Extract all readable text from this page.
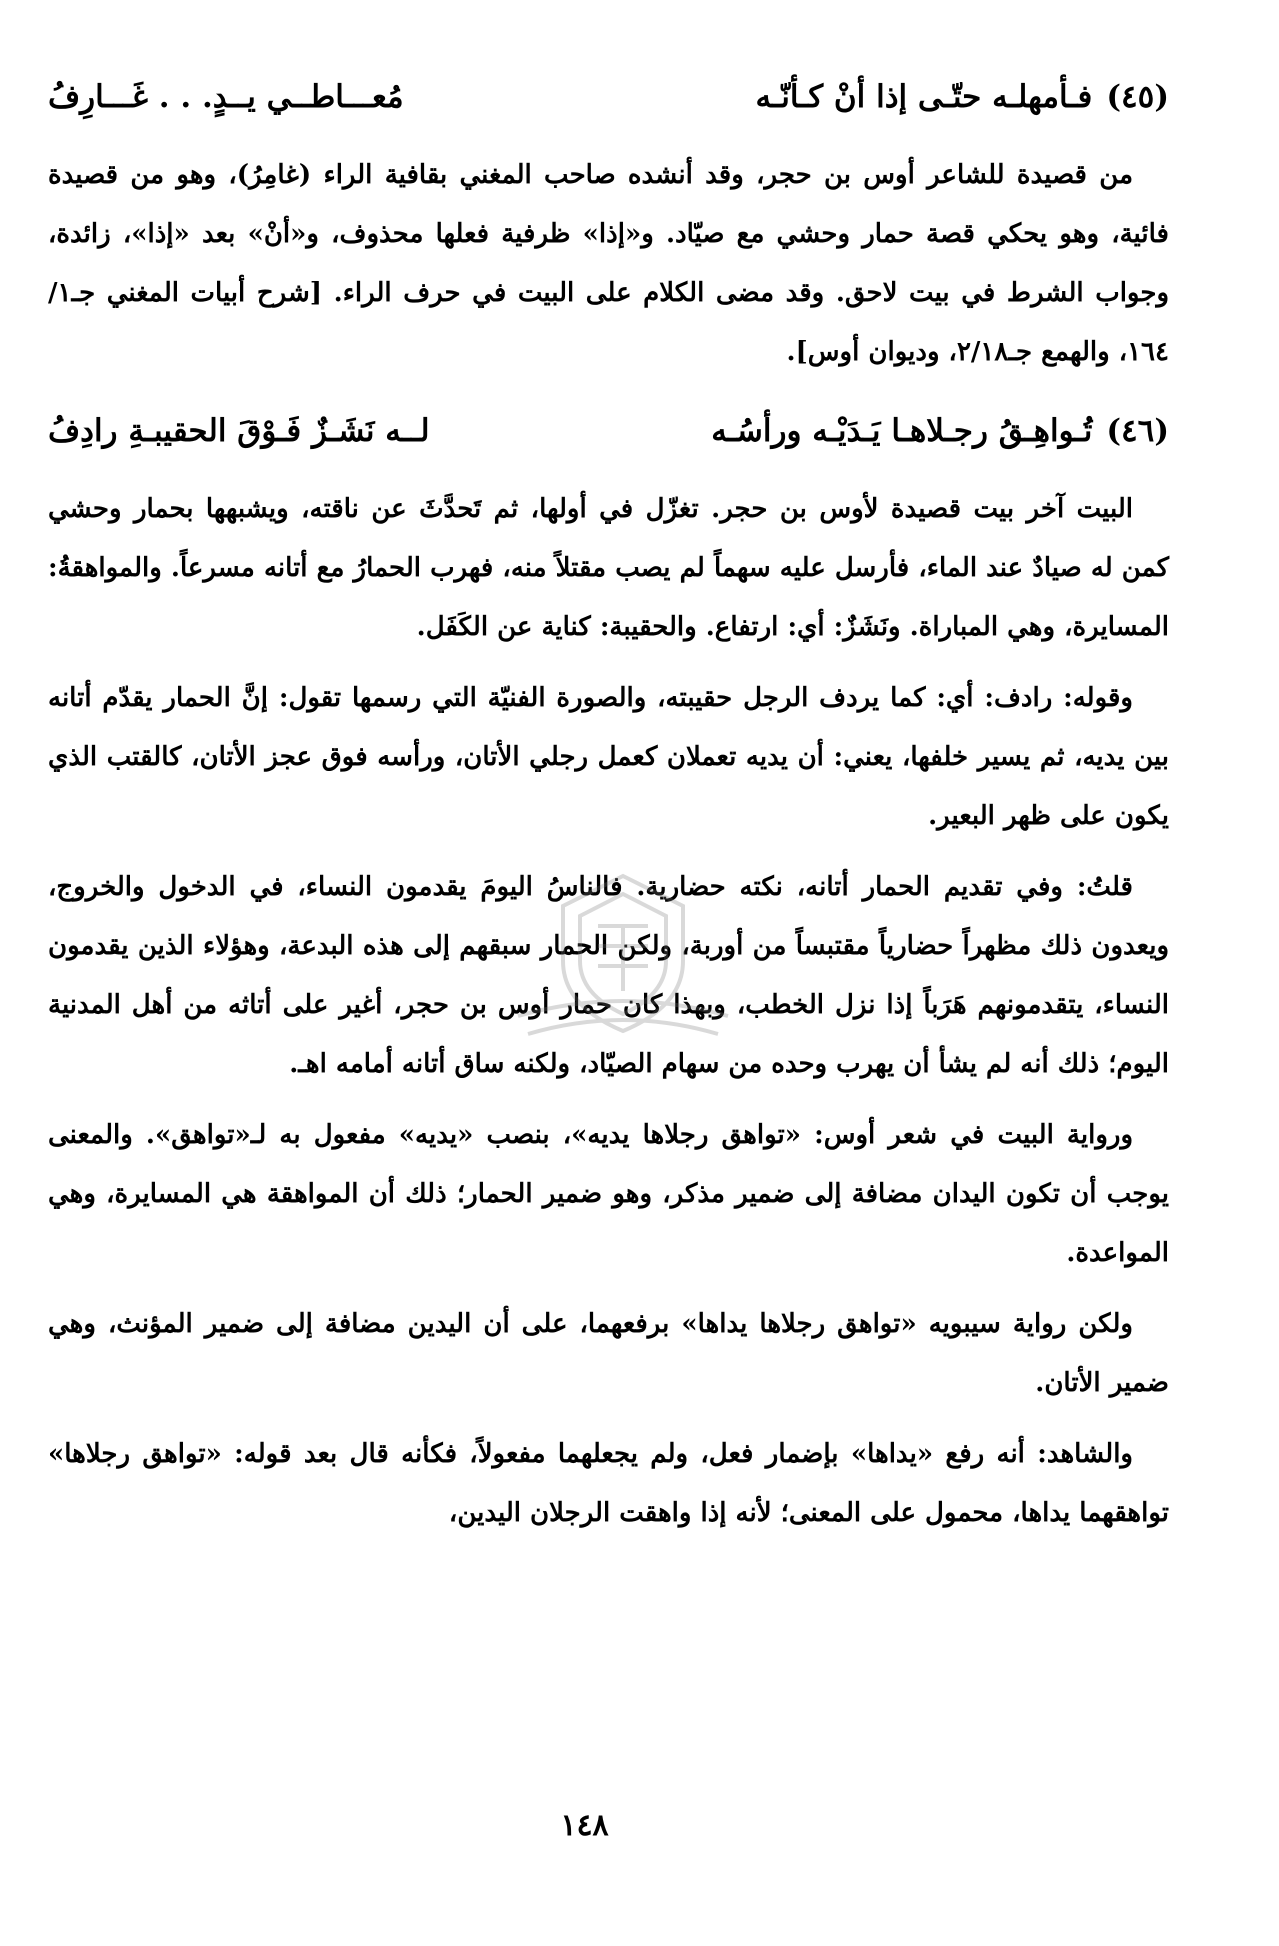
(٤٥)
فـأمهلـه حتّـى إذا أنْ كـأنّـه
مُعـــاطــي يــدٍ. . . غَـــارِفُ

من قصيدة للشاعر أوس بن حجر، وقد أنشده صاحب المغني بقافية الراء (غامِرُ)، وهو من قصيدة فائية، وهو يحكي قصة حمار وحشي مع صيّاد. و«إذا» ظرفية فعلها محذوف، و«أنْ» بعد «إذا»، زائدة، وجواب الشرط في بيت لاحق. وقد مضى الكلام على البيت في حرف الراء. [شرح أبيات المغني جـ١/ ١٦٤، والهمع جـ٢/١٨، وديوان أوس].

(٤٦)
تُـواهِـقُ رجـلاهـا يَـدَيْـه ورأسُـه
لــه نَشَـزٌ فَـوْقَ الحقيبـةِ رادِفُ

البيت آخر بيت قصيدة لأوس بن حجر. تغزّل في أولها، ثم تَحدَّثَ عن ناقته، ويشبهها بحمار وحشي كمن له صيادٌ عند الماء، فأرسل عليه سهماً لم يصب مقتلاً منه، فهرب الحمارُ مع أتانه مسرعاً. والمواهقةُ: المسايرة، وهي المباراة. ونَشَزٌ: أي: ارتفاع. والحقيبة: كناية عن الكَفَل.

وقوله: رادف: أي: كما يردف الرجل حقيبته، والصورة الفنيّة التي رسمها تقول: إنَّ الحمار يقدّم أتانه بين يديه، ثم يسير خلفها، يعني: أن يديه تعملان كعمل رجلي الأتان، ورأسه فوق عجز الأتان، كالقتب الذي يكون على ظهر البعير.

قلتُ: وفي تقديم الحمار أتانه، نكته حضارية. فالناسُ اليومَ يقدمون النساء، في الدخول والخروج، ويعدون ذلك مظهراً حضارياً مقتبساً من أوربة، ولكن الحمار سبقهم إلى هذه البدعة، وهؤلاء الذين يقدمون النساء، يتقدمونهم هَرَباً إذا نزل الخطب، وبهذا كان حمار أوس بن حجر، أغير على أتاثه من أهل المدنية اليوم؛ ذلك أنه لم يشأ أن يهرب وحده من سهام الصيّاد، ولكنه ساق أتانه أمامه اهـ.

ورواية البيت في شعر أوس: «تواهق رجلاها يديه»، بنصب «يديه» مفعول به لـ«تواهق». والمعنى يوجب أن تكون اليدان مضافة إلى ضمير مذكر، وهو ضمير الحمار؛ ذلك أن المواهقة هي المسايرة، وهي المواعدة.

ولكن رواية سيبويه «تواهق رجلاها يداها» برفعهما، على أن اليدين مضافة إلى ضمير المؤنث، وهي ضمير الأتان.

والشاهد: أنه رفع «يداها» بإضمار فعل، ولم يجعلهما مفعولاً، فكأنه قال بعد قوله: «تواهق رجلاها» تواهقهما يداها، محمول على المعنى؛ لأنه إذا واهقت الرجلان اليدين،

١٤٨
